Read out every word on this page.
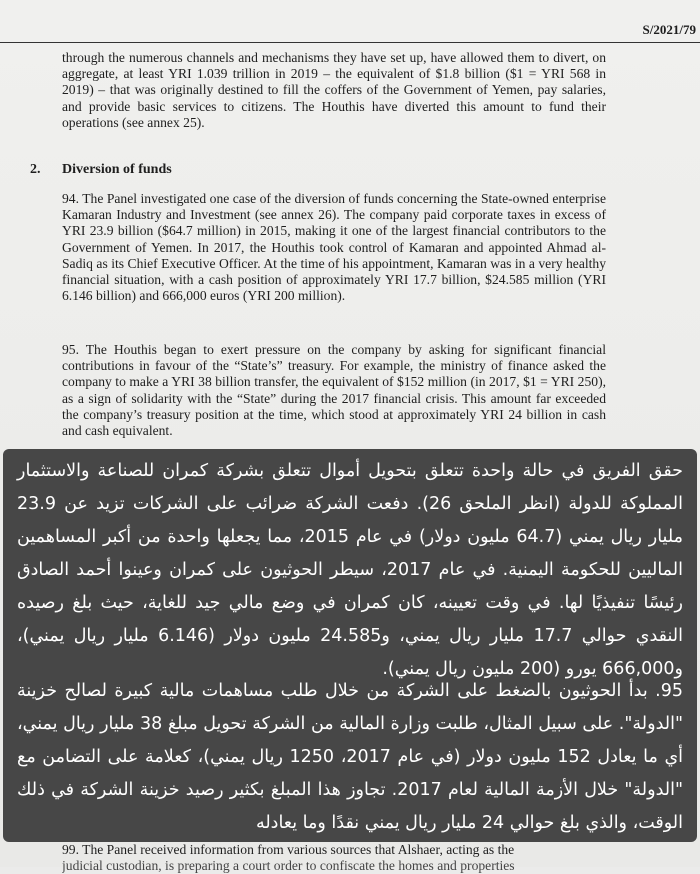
S/2021/79
through the numerous channels and mechanisms they have set up, have allowed them to divert, on aggregate, at least YRI 1.039 trillion in 2019 – the equivalent of $1.8 billion ($1 = YRI 568 in 2019) – that was originally destined to fill the coffers of the Government of Yemen, pay salaries, and provide basic services to citizens. The Houthis have diverted this amount to fund their operations (see annex 25).
2. Diversion of funds
94. The Panel investigated one case of the diversion of funds concerning the State-owned enterprise Kamaran Industry and Investment (see annex 26). The company paid corporate taxes in excess of YRI 23.9 billion ($64.7 million) in 2015, making it one of the largest financial contributors to the Government of Yemen. In 2017, the Houthis took control of Kamaran and appointed Ahmad al-Sadiq as its Chief Executive Officer. At the time of his appointment, Kamaran was in a very healthy financial situation, with a cash position of approximately YRI 17.7 billion, $24.585 million (YRI 6.146 billion) and 666,000 euros (YRI 200 million).
95. The Houthis began to exert pressure on the company by asking for significant financial contributions in favour of the “State’s” treasury. For example, the ministry of finance asked the company to make a YRI 38 billion transfer, the equivalent of $152 million (in 2017, $1 = YRI 250), as a sign of solidarity with the “State” during the 2017 financial crisis. This amount far exceeded the company’s treasury position at the time, which stood at approximately YRI 24 billion in cash and cash equivalent.
99. The Panel received information from various sources that Alshaer, acting as the
judicial custodian, is preparing a court order to confiscate the homes and properties
حقق الفريق في حالة واحدة تتعلق بتحويل أموال تتعلق بشركة كمران للصناعة والاستثمار المملوكة للدولة (انظر الملحق 26). دفعت الشركة ضرائب على الشركات تزيد عن 23.9 مليار ريال يمني (64.7 مليون دولار) في عام 2015، مما يجعلها واحدة من أكبر المساهمين الماليين للحكومة اليمنية. في عام 2017، سيطر الحوثيون على كمران وعينوا أحمد الصادق رئيسًا تنفيذيًا لها. في وقت تعيينه، كان كمران في وضع مالي جيد للغاية، حيث بلغ رصيده النقدي حوالي 17.7 مليار ريال يمني، و24.585 مليون دولار (6.146 مليار ريال يمني)، و666,000 يورو (200 مليون ريال يمني).
95. بدأ الحوثيون بالضغط على الشركة من خلال طلب مساهمات مالية كبيرة لصالح خزينة "الدولة". على سبيل المثال، طلبت وزارة المالية من الشركة تحويل مبلغ 38 مليار ريال يمني، أي ما يعادل 152 مليون دولار (في عام 2017، 1250 ريال يمني)، كعلامة على التضامن مع "الدولة" خلال الأزمة المالية لعام 2017. تجاوز هذا المبلغ بكثير رصيد خزينة الشركة في ذلك الوقت، والذي بلغ حوالي 24 مليار ريال يمني نقدًا وما يعادله
